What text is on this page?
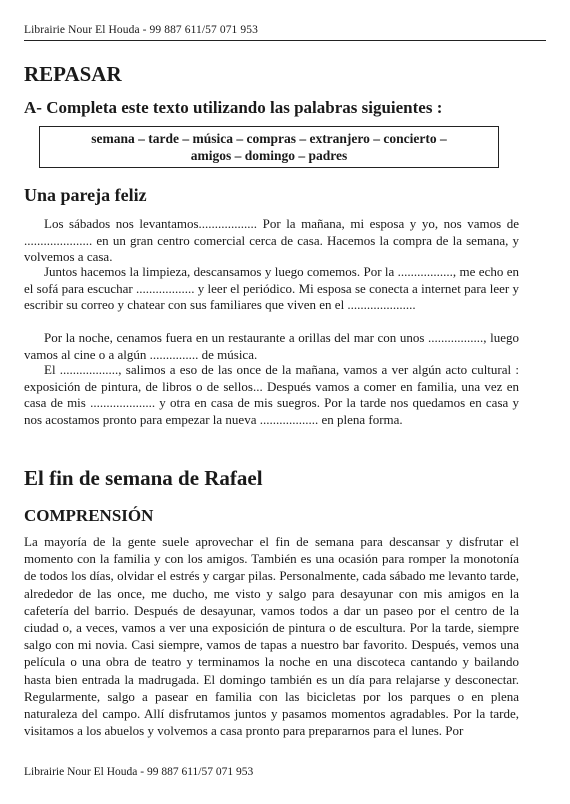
Librairie Nour El Houda - 99 887 611/57 071 953
REPASAR
A- Completa este texto utilizando las palabras siguientes :
semana – tarde – música – compras – extranjero – concierto –
amigos – domingo – padres
Una pareja feliz

Los sábados nos levantamos.................. Por la mañana, mi esposa y yo, nos vamos de ..................... en un gran centro comercial cerca de casa. Hacemos la compra de la semana, y volvemos a casa.

Juntos hacemos la limpieza, descansamos y luego comemos. Por la ................., me echo en el sofá para escuchar .................. y leer el periódico. Mi esposa se conecta a internet para leer y escribir su correo y chatear con sus familiares que viven en el .....................

Por la noche, cenamos fuera en un restaurante a orillas del mar con unos ................., luego vamos al cine o a algún ............... de música.

El .................., salimos a eso de las once de la mañana, vamos a ver algún acto cultural : exposición de pintura, de libros o de sellos... Después vamos a comer en familia, una vez en casa de mis .................... y otra en casa de mis suegros. Por la tarde nos quedamos en casa y nos acostamos pronto para empezar la nueva .................. en plena forma.

El fin de semana de Rafael
COMPRENSIÓN

La mayoría de la gente suele aprovechar el fin de semana para descansar y disfrutar el momento con la familia y con los amigos. También es una ocasión para romper la monotonía de todos los días, olvidar el estrés y cargar pilas. Personalmente, cada sábado me levanto tarde, alrededor de las once, me ducho, me visto y salgo para desayunar con mis amigos en la cafetería del barrio. Después de desayunar, vamos todos a dar un paseo por el centro de la ciudad o, a veces, vamos a ver una exposición de pintura o de escultura. Por la tarde, siempre salgo con mi novia. Casi siempre, vamos de tapas a nuestro bar favorito. Después, vemos una película o una obra de teatro y terminamos la noche en una discoteca cantando y bailando hasta bien entrada la madrugada. El domingo también es un día para relajarse y desconectar. Regularmente, salgo a pasear en familia con las bicicletas por los parques o en plena naturaleza del campo. Allí disfrutamos juntos y pasamos momentos agradables. Por la tarde, visitamos a los abuelos y volvemos a casa pronto para prepararnos para el lunes. Por

Librairie Nour El Houda - 99 887 611/57 071 953
